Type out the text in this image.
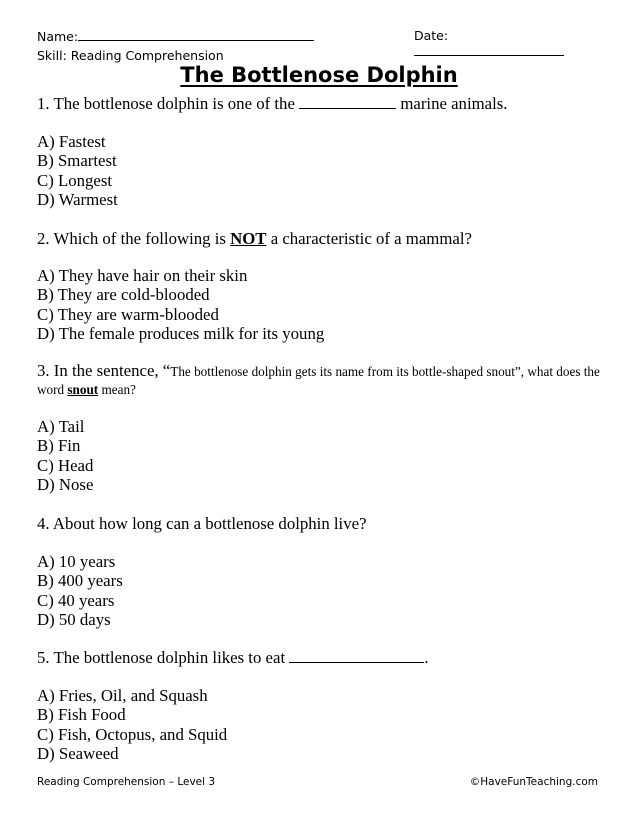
Name:	Date:
Skill: Reading Comprehension
The Bottlenose Dolphin
1. The bottlenose dolphin is one of the	marine animals.
A) Fastest
B) Smartest
C) Longest
D) Warmest
2. Which of the following is NOT a characteristic of a mammal?
A) They have hair on their skin
B) They are cold-blooded
C) They are warm-blooded
D) The female produces milk for its young
3. In the sentence, “The bottlenose dolphin gets its name from its bottle-shaped snout”, what does the word snout mean?
A) Tail
B) Fin
C) Head
D) Nose
4. About how long can a bottlenose dolphin live?
A) 10 years
B) 400 years
C) 40 years
D) 50 days
5. The bottlenose dolphin likes to eat	.
A) Fries, Oil, and Squash
B) Fish Food
C) Fish, Octopus, and Squid
D) Seaweed
Reading Comprehension – Level 3	©HaveFunTeaching.com
